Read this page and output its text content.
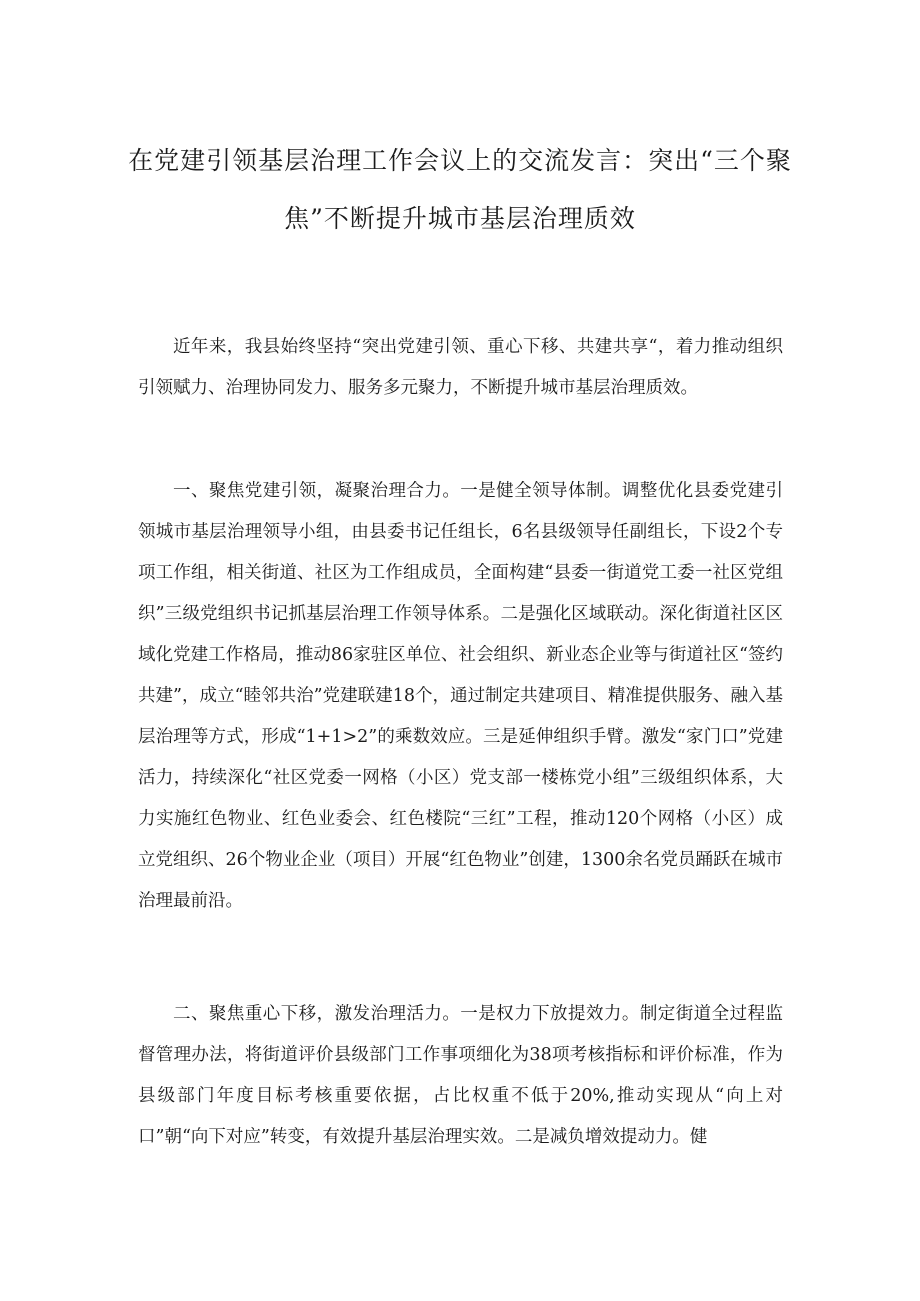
在党建引领基层治理工作会议上的交流发言：突出“三个聚焦”不断提升城市基层治理质效

近年来，我县始终坚持“突出党建引领、重心下移、共建共享“，着力推动组织引领赋力、治理协同发力、服务多元聚力，不断提升城市基层治理质效。

一、聚焦党建引领，凝聚治理合力。一是健全领导体制。调整优化县委党建引领城市基层治理领导小组，由县委书记任组长，6名县级领导任副组长，下设2个专项工作组，相关街道、社区为工作组成员，全面构建“县委一街道党工委一社区党组织”三级党组织书记抓基层治理工作领导体系。二是强化区域联动。深化街道社区区域化党建工作格局，推动86家驻区单位、社会组织、新业态企业等与街道社区“签约共建”，成立“睦邻共治”党建联建18个，通过制定共建项目、精准提供服务、融入基层治理等方式，形成“1+1>2”的乘数效应。三是延伸组织手臂。激发“家门口”党建活力，持续深化“社区党委一网格（小区）党支部一楼栋党小组”三级组织体系，大力实施红色物业、红色业委会、红色楼院“三红”工程，推动120个网格（小区）成立党组织、26个物业企业（项目）开展“红色物业”创建，1300余名党员踊跃在城市治理最前沿。

二、聚焦重心下移，激发治理活力。一是权力下放提效力。制定街道全过程监督管理办法，将街道评价县级部门工作事项细化为38项考核指标和评价标准，作为县级部门年度目标考核重要依据，占比权重不低于20%,推动实现从“向上对口”朝“向下对应”转变，有效提升基层治理实效。二是减负增效提动力。健
